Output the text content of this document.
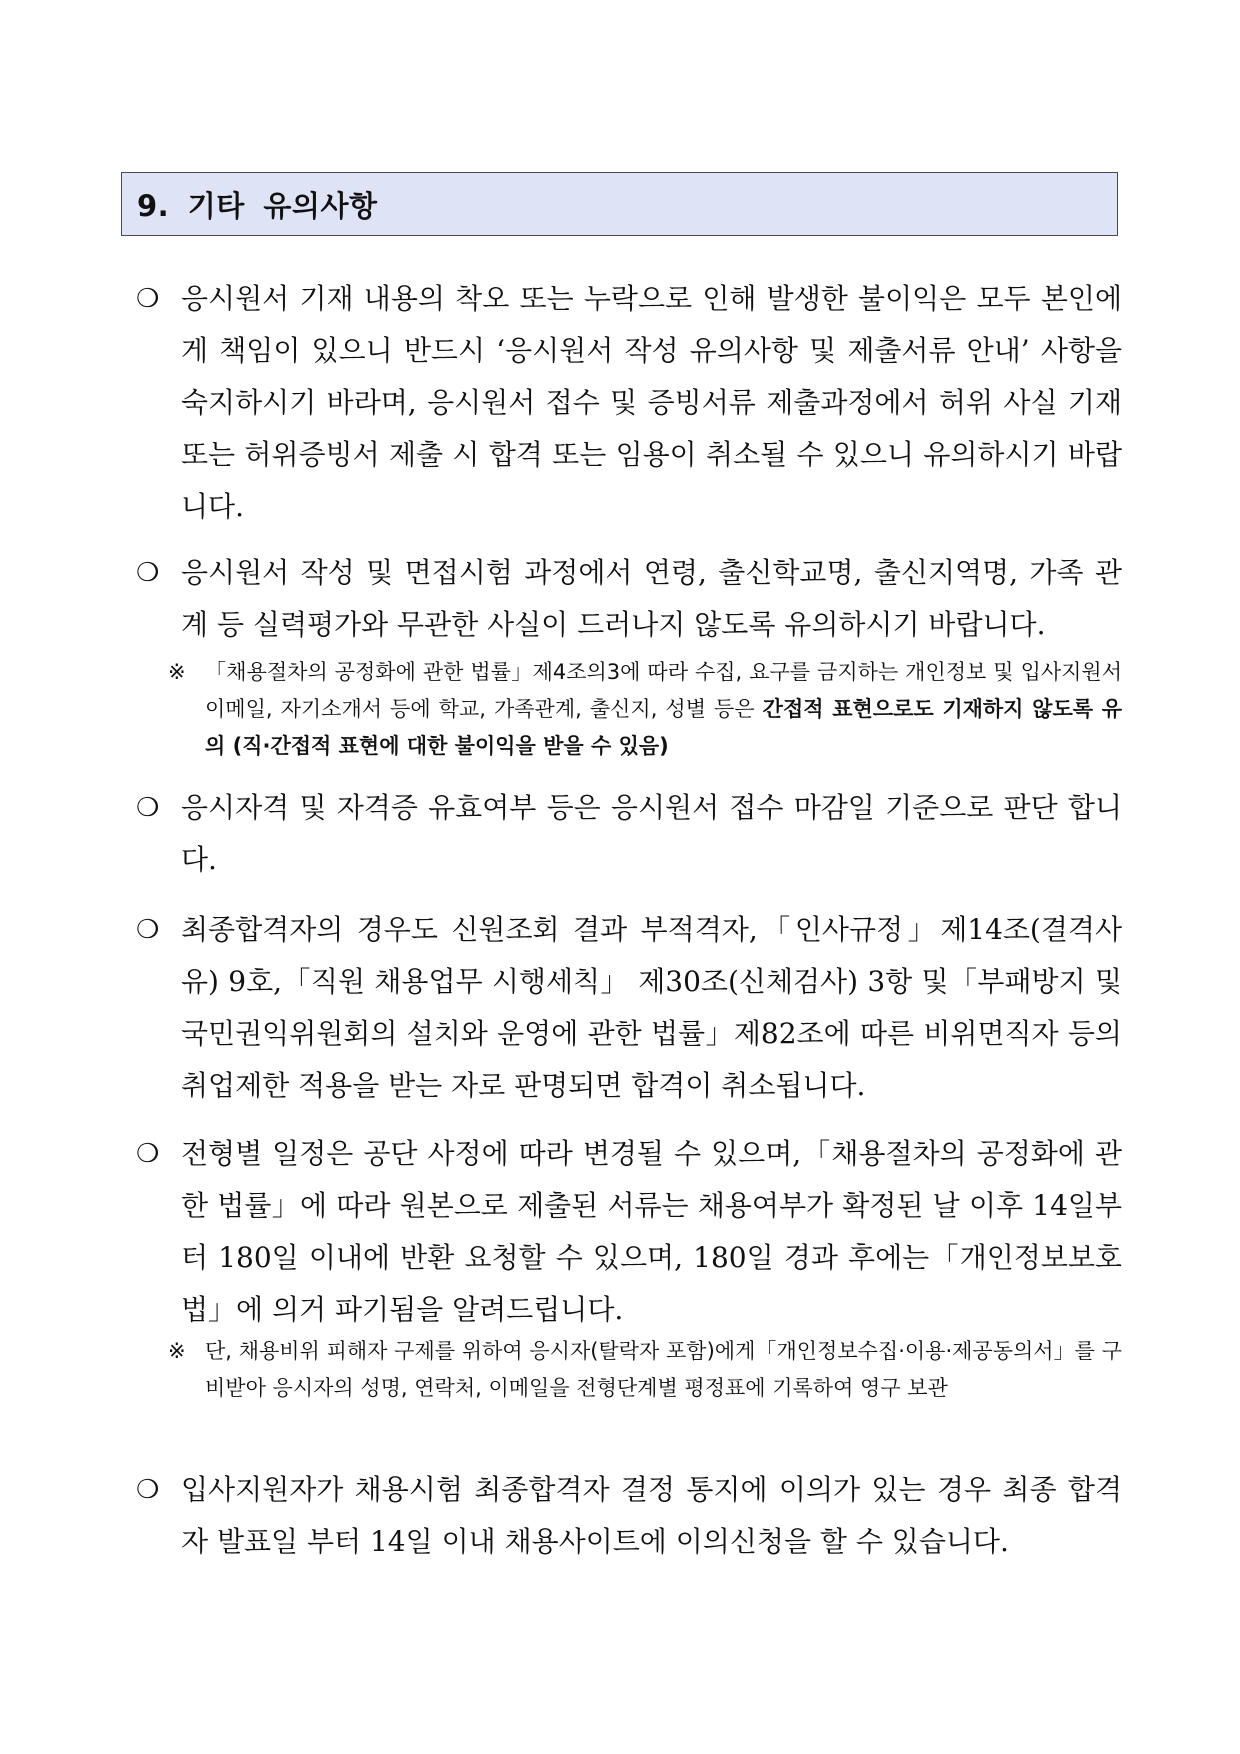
9. 기타 유의사항
❍ 응시원서 기재 내용의 착오 또는 누락으로 인해 발생한 불이익은 모두 본인에게 책임이 있으니 반드시 ‘응시원서 작성 유의사항 및 제출서류 안내’ 사항을 숙지하시기 바라며, 응시원서 접수 및 증빙서류 제출과정에서 허위 사실 기재 또는 허위증빙서 제출 시 합격 또는 임용이 취소될 수 있으니 유의하시기 바랍니다.
❍ 응시원서 작성 및 면접시험 과정에서 연령, 출신학교명, 출신지역명, 가족 관계 등 실력평가와 무관한 사실이 드러나지 않도록 유의하시기 바랍니다.
※ 「채용절차의 공정화에 관한 법률」제4조의3에 따라 수집, 요구를 금지하는 개인정보 및 입사지원서 이메일, 자기소개서 등에 학교, 가족관계, 출신지, 성별 등은 간접적 표현으로도 기재하지 않도록 유의 (직·간접적 표현에 대한 불이익을 받을 수 있음)
❍ 응시자격 및 자격증 유효여부 등은 응시원서 접수 마감일 기준으로 판단 합니다.
❍ 최종합격자의 경우도 신원조회 결과 부적격자,「인사규정」제14조(결격사유) 9호,「직원 채용업무 시행세칙」 제30조(신체검사) 3항 및「부패방지 및 국민권익위원회의 설치와 운영에 관한 법률」제82조에 따른 비위면직자 등의 취업제한 적용을 받는 자로 판명되면 합격이 취소됩니다.
❍ 전형별 일정은 공단 사정에 따라 변경될 수 있으며,「채용절차의 공정화에 관한 법률」에 따라 원본으로 제출된 서류는 채용여부가 확정된 날 이후 14일부터 180일 이내에 반환 요청할 수 있으며, 180일 경과 후에는「개인정보보호법」에 의거 파기됨을 알려드립니다.
※ 단, 채용비위 피해자 구제를 위하여 응시자(탈락자 포함)에게「개인정보수집·이용·제공동의서」를 구비받아 응시자의 성명, 연락처, 이메일을 전형단계별 평정표에 기록하여 영구 보관
❍ 입사지원자가 채용시험 최종합격자 결정 통지에 이의가 있는 경우 최종 합격자 발표일 부터 14일 이내 채용사이트에 이의신청을 할 수 있습니다.
